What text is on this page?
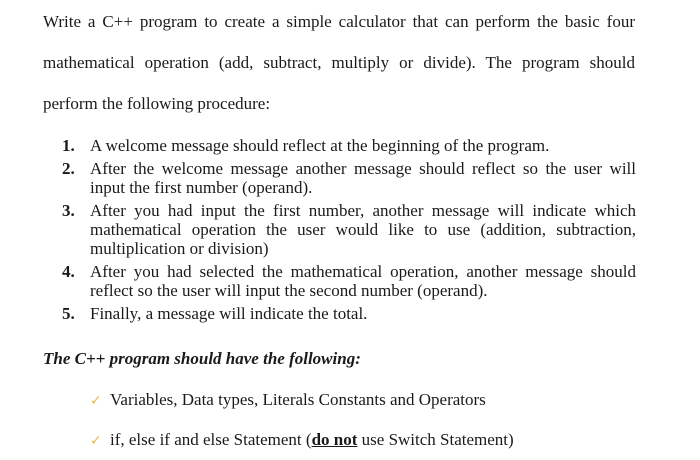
Write a C++ program to create a simple calculator that can perform the basic four
mathematical operation (add, subtract, multiply or divide). The program should
perform the following procedure:
1. A welcome message should reflect at the beginning of the program.
2. After the welcome message another message should reflect so the user will input the first number (operand).
3. After you had input the first number, another message will indicate which mathematical operation the user would like to use (addition, subtraction, multiplication or division)
4. After you had selected the mathematical operation, another message should reflect so the user will input the second number (operand).
5. Finally, a message will indicate the total.
The C++ program should have the following:
✓ Variables, Data types, Literals Constants and Operators
✓ if, else if and else Statement (do not use Switch Statement)
